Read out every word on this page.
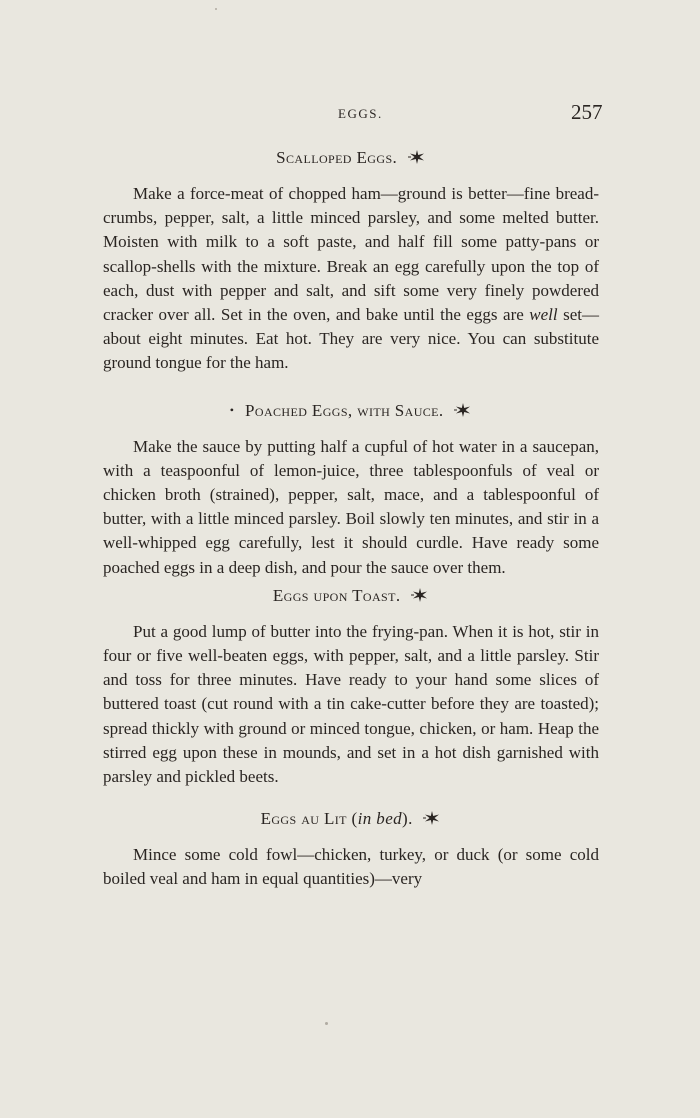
EGGS.	257
Scalloped Eggs.

Make a force-meat of chopped ham—ground is better—fine bread-crumbs, pepper, salt, a little minced parsley, and some melted butter. Moisten with milk to a soft paste, and half fill some patty-pans or scallop-shells with the mixture. Break an egg carefully upon the top of each, dust with pepper and salt, and sift some very finely powdered cracker over all. Set in the oven, and bake until the eggs are well set—about eight minutes. Eat hot. They are very nice. You can substitute ground tongue for the ham.

• Poached Eggs, with Sauce.

Make the sauce by putting half a cupful of hot water in a saucepan, with a teaspoonful of lemon-juice, three tablespoonfuls of veal or chicken broth (strained), pepper, salt, mace, and a tablespoonful of butter, with a little minced parsley. Boil slowly ten minutes, and stir in a well-whipped egg carefully, lest it should curdle. Have ready some poached eggs in a deep dish, and pour the sauce over them.

Eggs upon Toast.

Put a good lump of butter into the frying-pan. When it is hot, stir in four or five well-beaten eggs, with pepper, salt, and a little parsley. Stir and toss for three minutes. Have ready to your hand some slices of buttered toast (cut round with a tin cake-cutter before they are toasted); spread thickly with ground or minced tongue, chicken, or ham. Heap the stirred egg upon these in mounds, and set in a hot dish garnished with parsley and pickled beets.

Eggs au Lit (in bed).

Mince some cold fowl—chicken, turkey, or duck (or some cold boiled veal and ham in equal quantities)—very
